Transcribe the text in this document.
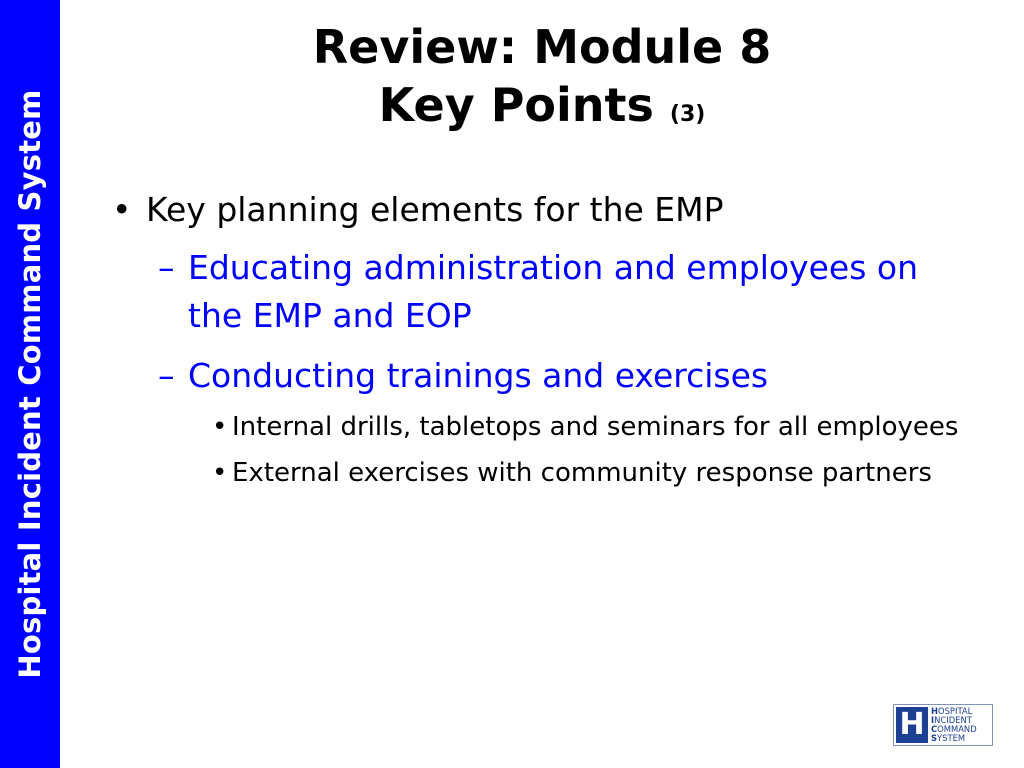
Hospital Incident Command System
Review: Module 8
Key Points (3)
• Key planning elements for the EMP
– Educating administration and employees on the EMP and EOP
– Conducting trainings and exercises
• Internal drills, tabletops and seminars for all employees
• External exercises with community response partners
H HOSPITAL
INCIDENT
COMMAND
SYSTEM
